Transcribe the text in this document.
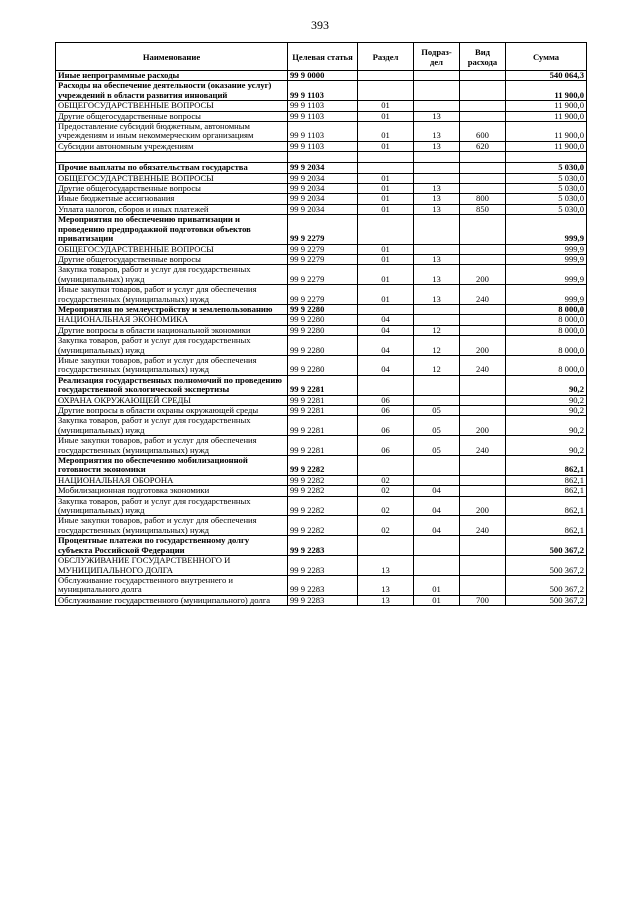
393
Наименование	Целевая статья	Раздел	Подраз-дел	Вид расхода	Сумма
Иные непрограммные расходы	99 9 0000				540 064,3
Расходы на обеспечение деятельности (оказание услуг) учреждений в области развития инноваций	99 9 1103				11 900,0
ОБЩЕГОСУДАРСТВЕННЫЕ ВОПРОСЫ	99 9 1103	01			11 900,0
Другие общегосударственные вопросы	99 9 1103	01	13		11 900,0
Предоставление субсидий бюджетным, автономным учреждениям и иным некоммерческим организациям	99 9 1103	01	13	600	11 900,0
Субсидии автономным учреждениям	99 9 1103	01	13	620	11 900,0

Прочие выплаты по обязательствам государства	99 9 2034				5 030,0
ОБЩЕГОСУДАРСТВЕННЫЕ ВОПРОСЫ	99 9 2034	01			5 030,0
Другие общегосударственные вопросы	99 9 2034	01	13		5 030,0
Иные бюджетные ассигнования	99 9 2034	01	13	800	5 030,0
Уплата налогов, сборов и иных платежей	99 9 2034	01	13	850	5 030,0
Мероприятия по обеспечению приватизации и проведению предпродажной подготовки объектов приватизации	99 9 2279				999,9
ОБЩЕГОСУДАРСТВЕННЫЕ ВОПРОСЫ	99 9 2279	01			999,9
Другие общегосударственные вопросы	99 9 2279	01	13		999,9
Закупка товаров, работ и услуг для государственных (муниципальных) нужд	99 9 2279	01	13	200	999,9
Иные закупки товаров, работ и услуг для обеспечения государственных (муниципальных) нужд	99 9 2279	01	13	240	999,9
Мероприятия по землеустройству и землепользованию	99 9 2280				8 000,0
НАЦИОНАЛЬНАЯ ЭКОНОМИКА	99 9 2280	04			8 000,0
Другие вопросы в области национальной экономики	99 9 2280	04	12		8 000,0
Закупка товаров, работ и услуг для государственных (муниципальных) нужд	99 9 2280	04	12	200	8 000,0
Иные закупки товаров, работ и услуг для обеспечения государственных (муниципальных) нужд	99 9 2280	04	12	240	8 000,0
Реализация государственных полномочий по проведению государственной экологической экспертизы	99 9 2281				90,2
ОХРАНА ОКРУЖАЮЩЕЙ СРЕДЫ	99 9 2281	06			90,2
Другие вопросы в области охраны окружающей среды	99 9 2281	06	05		90,2
Закупка товаров, работ и услуг для государственных (муниципальных) нужд	99 9 2281	06	05	200	90,2
Иные закупки товаров, работ и услуг для обеспечения государственных (муниципальных) нужд	99 9 2281	06	05	240	90,2
Мероприятия по обеспечению мобилизационной готовности экономики	99 9 2282				862,1
НАЦИОНАЛЬНАЯ ОБОРОНА	99 9 2282	02			862,1
Мобилизационная подготовка экономики	99 9 2282	02	04		862,1
Закупка товаров, работ и услуг для государственных (муниципальных) нужд	99 9 2282	02	04	200	862,1
Иные закупки товаров, работ и услуг для обеспечения государственных (муниципальных) нужд	99 9 2282	02	04	240	862,1
Процентные платежи по государственному долгу субъекта Российской Федерации	99 9 2283				500 367,2
ОБСЛУЖИВАНИЕ ГОСУДАРСТВЕННОГО И МУНИЦИПАЛЬНОГО ДОЛГА	99 9 2283	13			500 367,2
Обслуживание государственного внутреннего и муниципального долга	99 9 2283	13	01		500 367,2
Обслуживание государственного (муниципального) долга	99 9 2283	13	01	700	500 367,2
